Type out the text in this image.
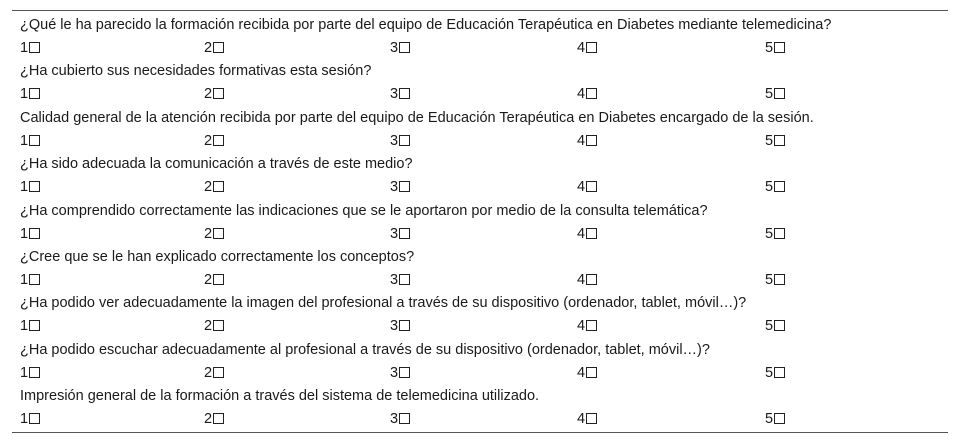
¿Qué le ha parecido la formación recibida por parte del equipo de Educación Terapéutica en Diabetes mediante telemedicina?
1	2	3	4	5
¿Ha cubierto sus necesidades formativas esta sesión?
1	2	3	4	5
Calidad general de la atención recibida por parte del equipo de Educación Terapéutica en Diabetes encargado de la sesión.
1	2	3	4	5
¿Ha sido adecuada la comunicación a través de este medio?
1	2	3	4	5
¿Ha comprendido correctamente las indicaciones que se le aportaron por medio de la consulta telemática?
1	2	3	4	5
¿Cree que se le han explicado correctamente los conceptos?
1	2	3	4	5
¿Ha podido ver adecuadamente la imagen del profesional a través de su dispositivo (ordenador, tablet, móvil…)?
1	2	3	4	5
¿Ha podido escuchar adecuadamente al profesional a través de su dispositivo (ordenador, tablet, móvil…)?
1	2	3	4	5
Impresión general de la formación a través del sistema de telemedicina utilizado.
1	2	3	4	5
